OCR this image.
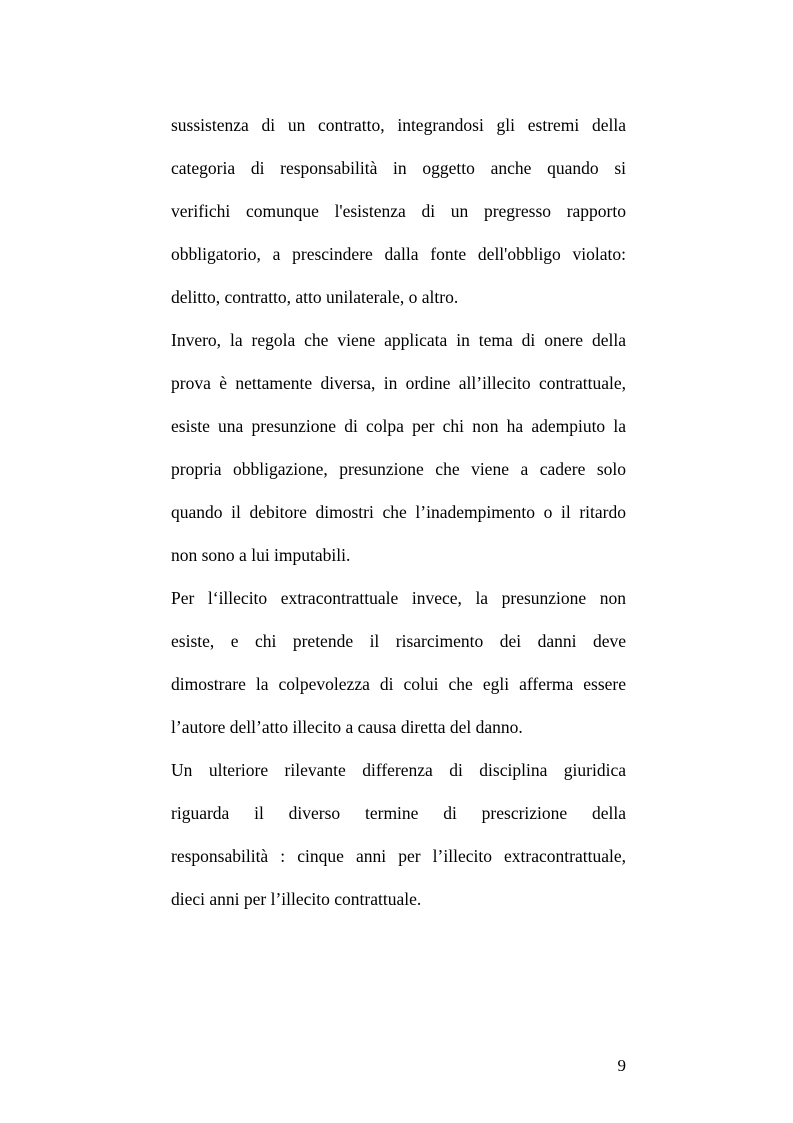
sussistenza di un contratto, integrandosi gli estremi della
categoria di responsabilità in oggetto anche quando si
verifichi comunque l'esistenza di un pregresso rapporto
obbligatorio, a prescindere dalla fonte dell'obbligo violato:
delitto, contratto, atto unilaterale, o altro.
Invero, la regola che viene applicata in tema di onere della
prova è nettamente diversa, in ordine all’illecito contrattuale,
esiste una presunzione di colpa per chi non ha adempiuto la
propria obbligazione, presunzione che viene a cadere solo
quando il debitore dimostri che l’inadempimento o il ritardo
non sono a lui imputabili.
Per l‘illecito extracontrattuale invece, la presunzione non
esiste, e chi pretende il risarcimento dei danni deve
dimostrare la colpevolezza di colui che egli afferma essere
l’autore dell’atto illecito a causa diretta del danno.
Un ulteriore rilevante differenza di disciplina giuridica
riguarda il diverso termine di prescrizione della
responsabilità : cinque anni per l’illecito extracontrattuale,
dieci anni per l’illecito contrattuale.
9
